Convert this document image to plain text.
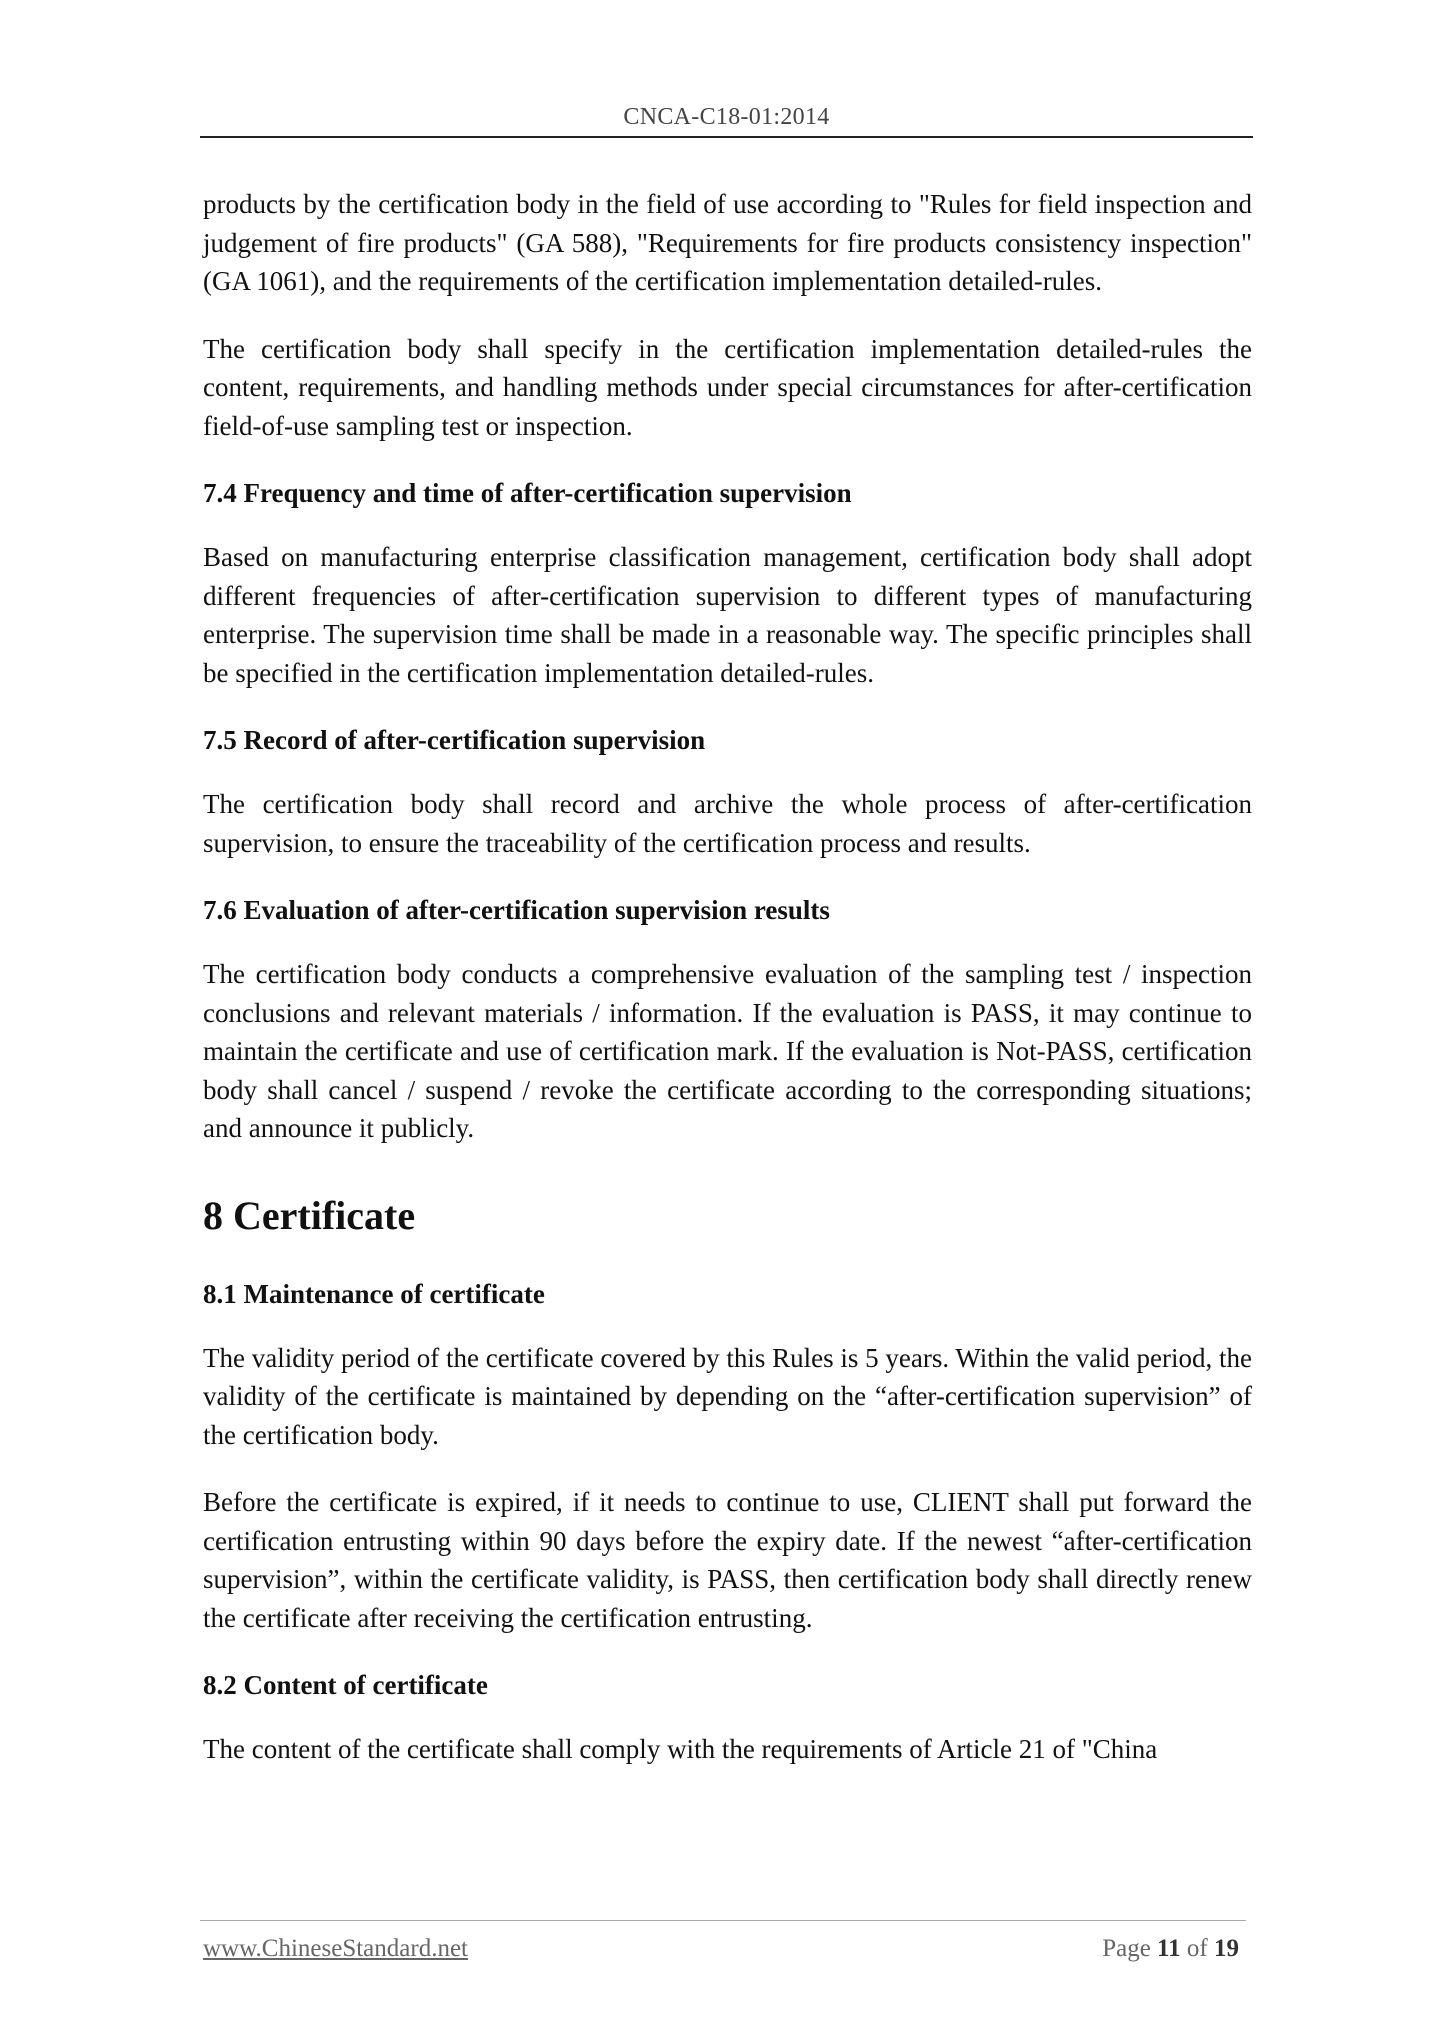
CNCA-C18-01:2014

products by the certification body in the field of use according to "Rules for field inspection and judgement of fire products" (GA 588), "Requirements for fire products consistency inspection" (GA 1061), and the requirements of the certification implementation detailed-rules.

The certification body shall specify in the certification implementation detailed-rules the content, requirements, and handling methods under special circumstances for after-certification field-of-use sampling test or inspection.

7.4 Frequency and time of after-certification supervision

Based on manufacturing enterprise classification management, certification body shall adopt different frequencies of after-certification supervision to different types of manufacturing enterprise. The supervision time shall be made in a reasonable way. The specific principles shall be specified in the certification implementation detailed-rules.

7.5 Record of after-certification supervision

The certification body shall record and archive the whole process of after-certification supervision, to ensure the traceability of the certification process and results.

7.6 Evaluation of after-certification supervision results

The certification body conducts a comprehensive evaluation of the sampling test / inspection conclusions and relevant materials / information. If the evaluation is PASS, it may continue to maintain the certificate and use of certification mark. If the evaluation is Not-PASS, certification body shall cancel / suspend / revoke the certificate according to the corresponding situations; and announce it publicly.

8 Certificate
8.1 Maintenance of certificate

The validity period of the certificate covered by this Rules is 5 years. Within the valid period, the validity of the certificate is maintained by depending on the “after-certification supervision” of the certification body.

Before the certificate is expired, if it needs to continue to use, CLIENT shall put forward the certification entrusting within 90 days before the expiry date. If the newest “after-certification supervision”, within the certificate validity, is PASS, then certification body shall directly renew the certificate after receiving the certification entrusting.

8.2 Content of certificate

The content of the certificate shall comply with the requirements of Article 21 of "China

www.ChineseStandard.net	Page 11 of 19
